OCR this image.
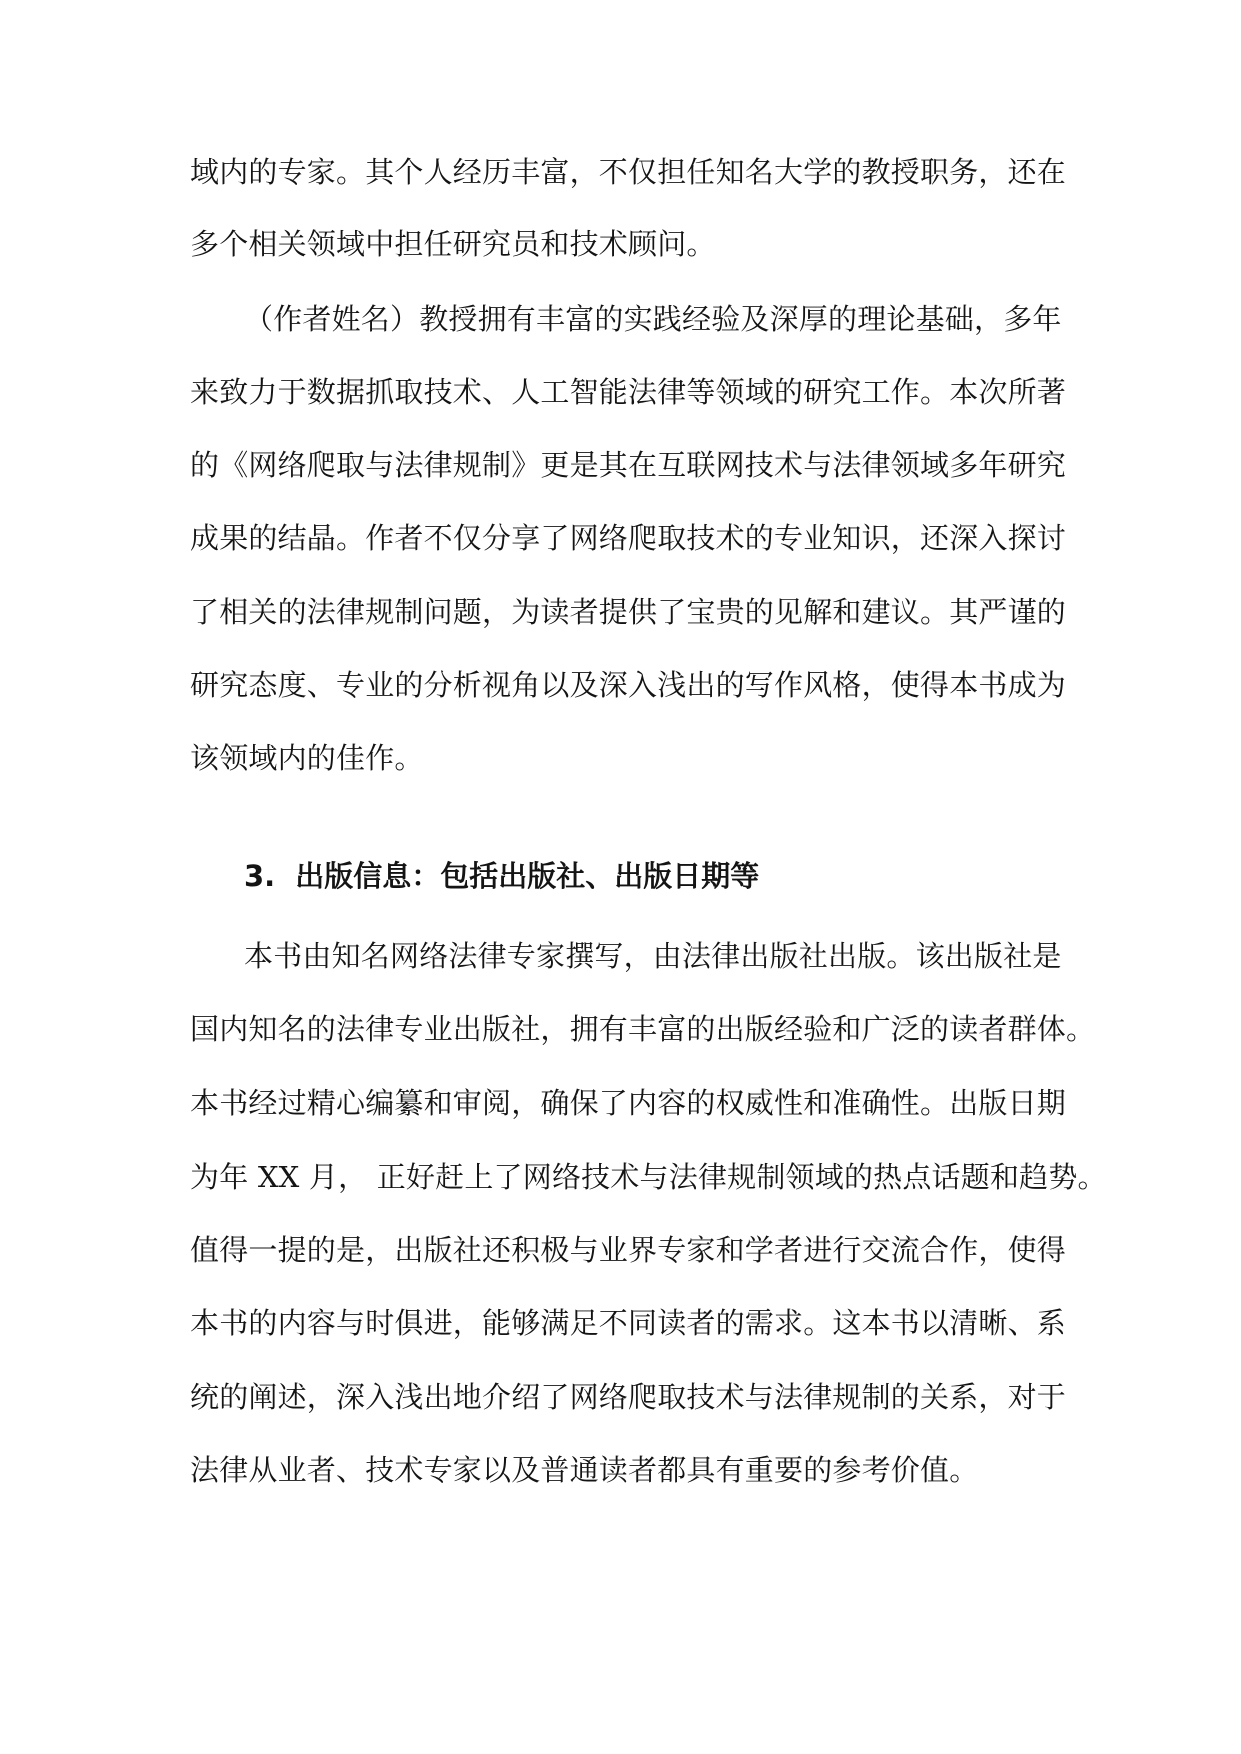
域内的专家。其个人经历丰富，不仅担任知名大学的教授职务，还在
多个相关领域中担任研究员和技术顾问。
（作者姓名）教授拥有丰富的实践经验及深厚的理论基础，多年
来致力于数据抓取技术、人工智能法律等领域的研究工作。本次所著
的《网络爬取与法律规制》更是其在互联网技术与法律领域多年研究
成果的结晶。作者不仅分享了网络爬取技术的专业知识，还深入探讨
了相关的法律规制问题，为读者提供了宝贵的见解和建议。其严谨的
研究态度、专业的分析视角以及深入浅出的写作风格，使得本书成为
该领域内的佳作。
3. 出版信息：包括出版社、出版日期等
本书由知名网络法律专家撰写，由法律出版社出版。该出版社是
国内知名的法律专业出版社，拥有丰富的出版经验和广泛的读者群体。
本书经过精心编纂和审阅，确保了内容的权威性和准确性。出版日期
为年 XX 月， 正好赶上了网络技术与法律规制领域的热点话题和趋势。
值得一提的是，出版社还积极与业界专家和学者进行交流合作，使得
本书的内容与时俱进，能够满足不同读者的需求。这本书以清晰、系
统的阐述，深入浅出地介绍了网络爬取技术与法律规制的关系，对于
法律从业者、技术专家以及普通读者都具有重要的参考价值。
